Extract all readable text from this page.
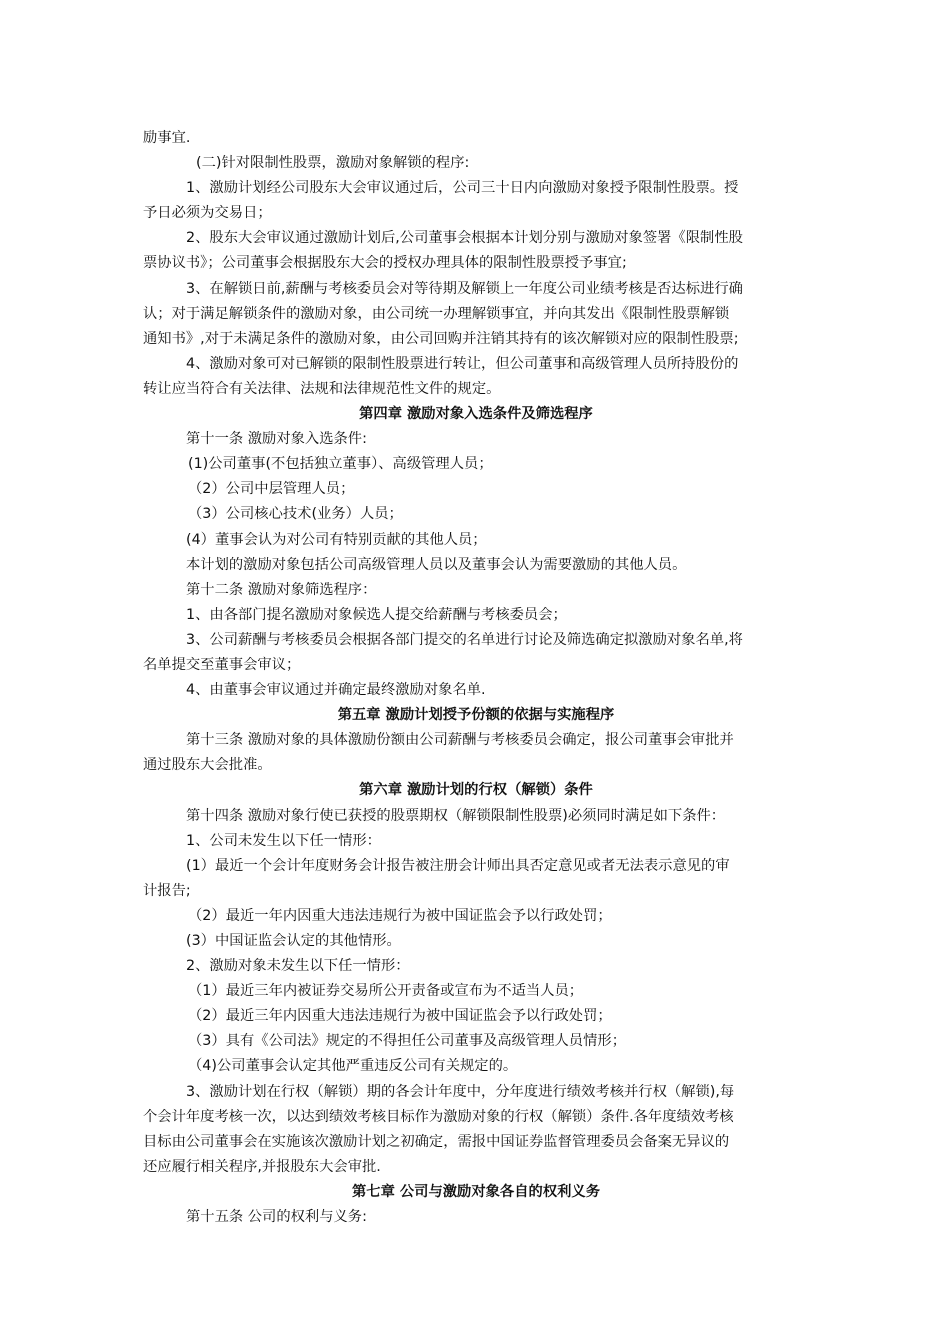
励事宜.
(二)针对限制性股票，激励对象解锁的程序:
1、激励计划经公司股东大会审议通过后，公司三十日内向激励对象授予限制性股票。授
予日必须为交易日；
2、股东大会审议通过激励计划后,公司董事会根据本计划分别与激励对象签署《限制性股
票协议书》；公司董事会根据股东大会的授权办理具体的限制性股票授予事宜;
3、在解锁日前,薪酬与考核委员会对等待期及解锁上一年度公司业绩考核是否达标进行确
认；对于满足解锁条件的激励对象，由公司统一办理解锁事宜，并向其发出《限制性股票解锁
通知书》,对于未满足条件的激励对象，由公司回购并注销其持有的该次解锁对应的限制性股票;
4、激励对象可对已解锁的限制性股票进行转让，但公司董事和高级管理人员所持股份的
转让应当符合有关法律、法规和法律规范性文件的规定。
第四章 激励对象入选条件及筛选程序
第十一条 激励对象入选条件:
(1)公司董事(不包括独立董事）、高级管理人员；
（2）公司中层管理人员；
（3）公司核心技术(业务）人员；
(4）董事会认为对公司有特别贡献的其他人员；
本计划的激励对象包括公司高级管理人员以及董事会认为需要激励的其他人员。
第十二条 激励对象筛选程序：
1、由各部门提名激励对象候选人提交给薪酬与考核委员会；
3、公司薪酬与考核委员会根据各部门提交的名单进行讨论及筛选确定拟激励对象名单,将
名单提交至董事会审议；
4、由董事会审议通过并确定最终激励对象名单.
第五章 激励计划授予份额的依据与实施程序
第十三条 激励对象的具体激励份额由公司薪酬与考核委员会确定，报公司董事会审批并
通过股东大会批准。
第六章 激励计划的行权（解锁）条件
第十四条 激励对象行使已获授的股票期权（解锁限制性股票)必须同时满足如下条件：
1、公司未发生以下任一情形：
(1）最近一个会计年度财务会计报告被注册会计师出具否定意见或者无法表示意见的审
计报告;
（2）最近一年内因重大违法违规行为被中国证监会予以行政处罚；
(3）中国证监会认定的其他情形。
2、激励对象未发生以下任一情形：
（1）最近三年内被证券交易所公开责备或宣布为不适当人员；
（2）最近三年内因重大违法违规行为被中国证监会予以行政处罚；
（3）具有《公司法》规定的不得担任公司董事及高级管理人员情形；
（4)公司董事会认定其他严重违反公司有关规定的。
3、激励计划在行权（解锁）期的各会计年度中，分年度进行绩效考核并行权（解锁),每
个会计年度考核一次，以达到绩效考核目标作为激励对象的行权（解锁）条件.各年度绩效考核
目标由公司董事会在实施该次激励计划之初确定，需报中国证券监督管理委员会备案无异议的
还应履行相关程序,并报股东大会审批.
第七章 公司与激励对象各自的权利义务
第十五条 公司的权利与义务:
